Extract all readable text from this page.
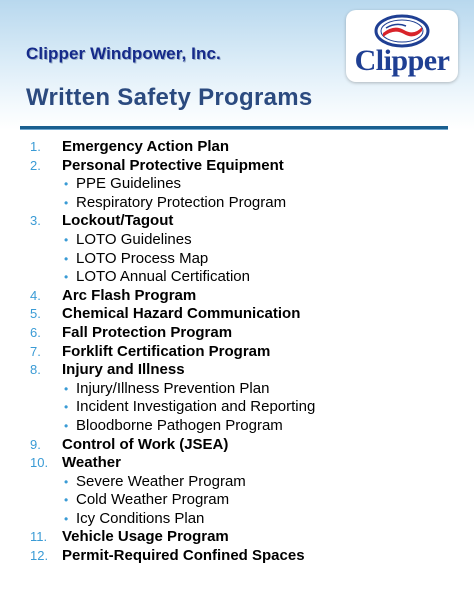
Clipper Windpower, Inc.
Written Safety Programs
Clipper
1. Emergency Action Plan
2. Personal Protective Equipment
• PPE Guidelines
• Respiratory Protection Program
3. Lockout/Tagout
• LOTO Guidelines
• LOTO Process Map
• LOTO Annual Certification
4. Arc Flash Program
5. Chemical Hazard Communication
6. Fall Protection Program
7. Forklift Certification Program
8. Injury and Illness
• Injury/Illness Prevention Plan
• Incident Investigation and Reporting
• Bloodborne Pathogen Program
9. Control of Work (JSEA)
10. Weather
• Severe Weather Program
• Cold Weather Program
• Icy Conditions Plan
11. Vehicle Usage Program
12. Permit-Required Confined Spaces
